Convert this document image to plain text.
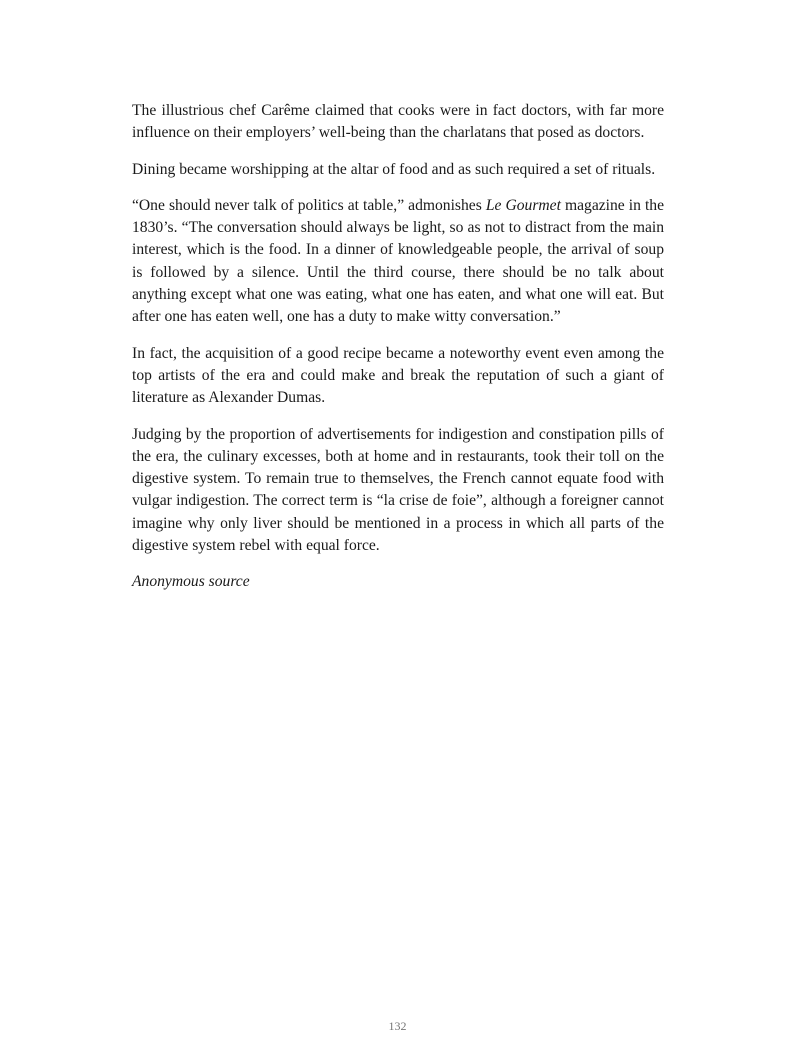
The illustrious chef Carême claimed that cooks were in fact doctors, with far more influence on their employers’ well-being than the charlatans that posed as doctors.

Dining became worshipping at the altar of food and as such required a set of rituals.

“One should never talk of politics at table,” admonishes Le Gourmet magazine in the 1830’s. “The conversation should always be light, so as not to distract from the main interest, which is the food. In a dinner of knowledgeable people, the arrival of soup is followed by a silence. Until the third course, there should be no talk about anything except what one was eating, what one has eaten, and what one will eat. But after one has eaten well, one has a duty to make witty conversation.”

In fact, the acquisition of a good recipe became a noteworthy event even among the top artists of the era and could make and break the reputation of such a giant of literature as Alexander Dumas.

Judging by the proportion of advertisements for indigestion and constipation pills of the era, the culinary excesses, both at home and in restaurants, took their toll on the digestive system. To remain true to themselves, the French cannot equate food with vulgar indigestion. The correct term is “la crise de foie”, although a foreigner cannot imagine why only liver should be mentioned in a process in which all parts of the digestive system rebel with equal force.

Anonymous source

132
